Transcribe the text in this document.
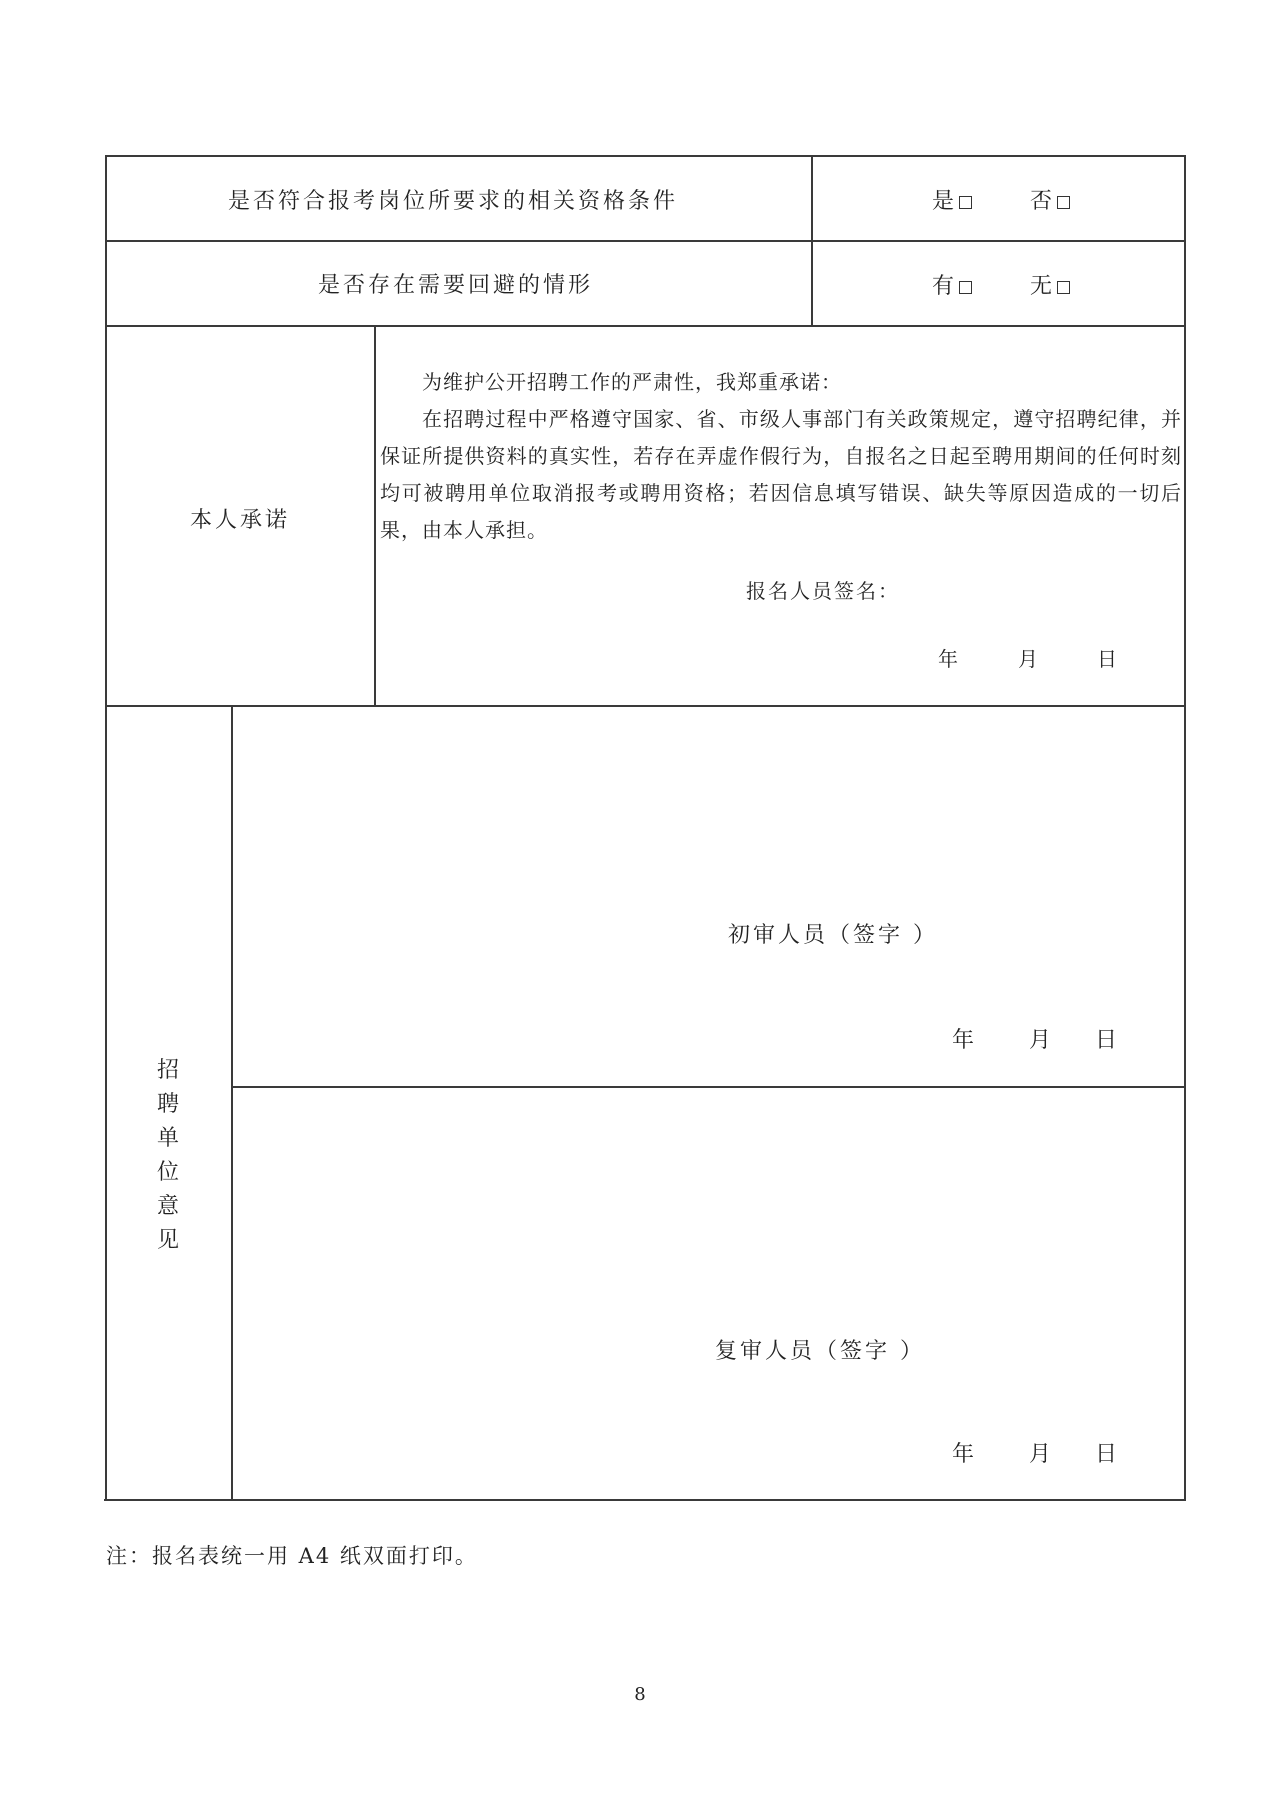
是否符合报考岗位所要求的相关资格条件	是	否
是否存在需要回避的情形	有	无
本人承诺

为维护公开招聘工作的严肃性，我郑重承诺：

在招聘过程中严格遵守国家、省、市级人事部门有关政策规定，遵守招聘纪律，并保证所提供资料的真实性，若存在弄虚作假行为，自报名之日起至聘用期间的任何时刻均可被聘用单位取消报考或聘用资格；若因信息填写错误、缺失等原因造成的一切后果，由本人承担。

报名人员签名：
年	月	日
招聘
单位
意见
初审人员（签字 ）
年 月 日
复审人员（签字 ）
年 月 日
注：报名表统一用 A4 纸双面打印。
8
